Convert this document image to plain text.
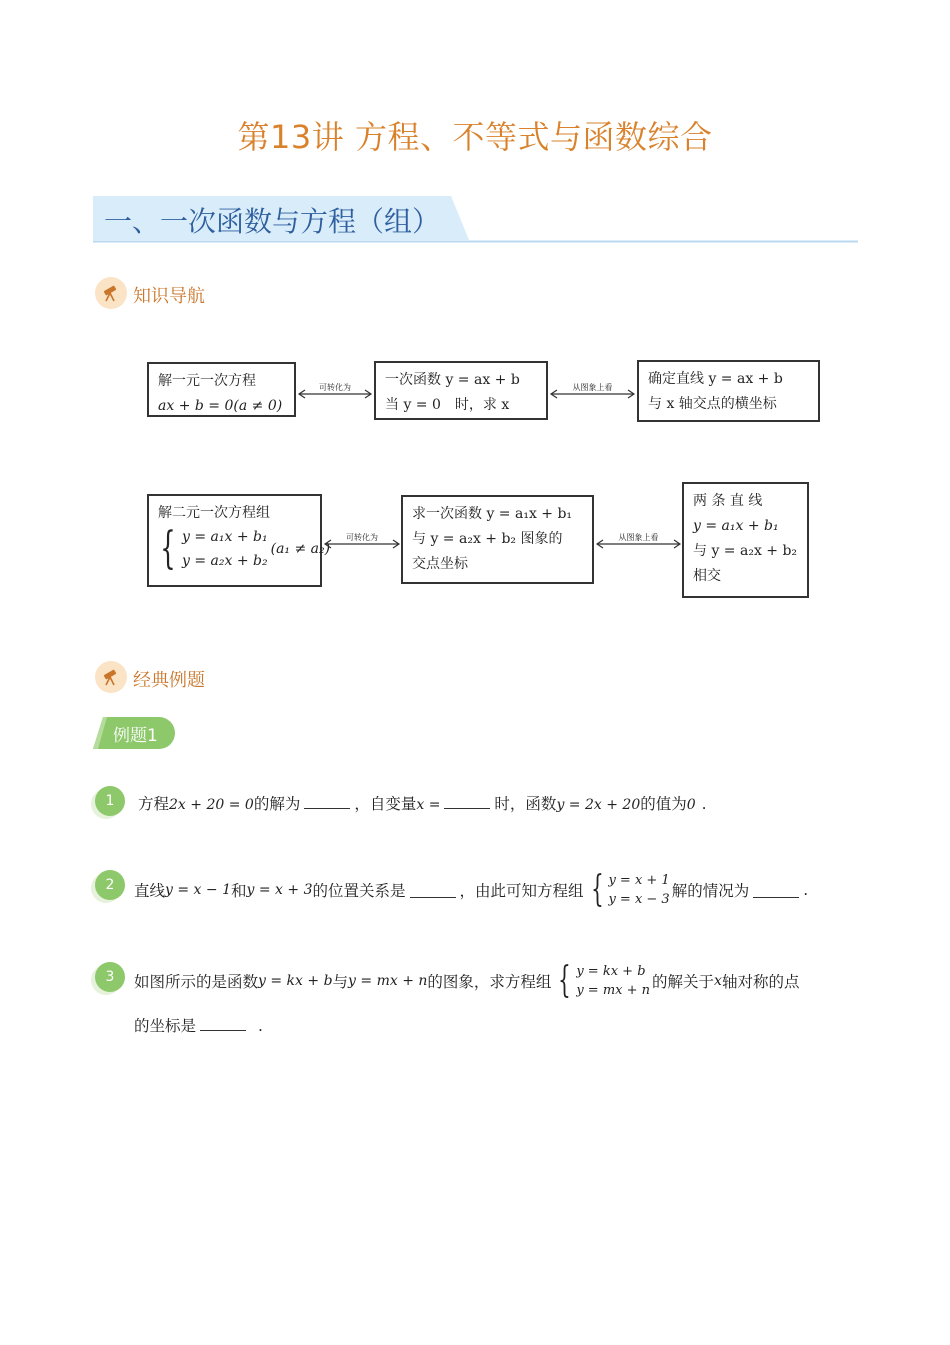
第13讲 方程、不等式与函数综合
一、一次函数与方程（组）
知识导航
解一元一次方程
ax + b = 0(a ≠ 0)
可转化为	一次函数 y = ax + b
当 y = 0　时，求 x
从图象上看
确定直线 y = ax + b
与 x 轴交点的横坐标
解二元一次方程组
{ y = a₁x + b₁
y = a₂x + b₂
(a₁ ≠ a₂)
可转化为
求一次函数 y = a₁x + b₁
与 y = a₂x + b₂ 图象的
交点坐标
从图象上看
两 条 直 线
y = a₁x + b₁
与 y = a₂x + b₂
相交
经典例题
例题1
1	方程2x + 20 = 0的解为	，自变量x =	时，函数y = 2x + 20的值为0 .
2	直线 y = x − 1 和 y = x + 3 的位置关系是	，由此可知方程组 { y = x + 1
y = x − 3 解的情况为	.
3	如图所示的是函数 y = kx + b 与 y = mx + n 的图象，求方程组 { y = kx + b
y = mx + n 的解关于 x 轴对称的点
的坐标是	.
